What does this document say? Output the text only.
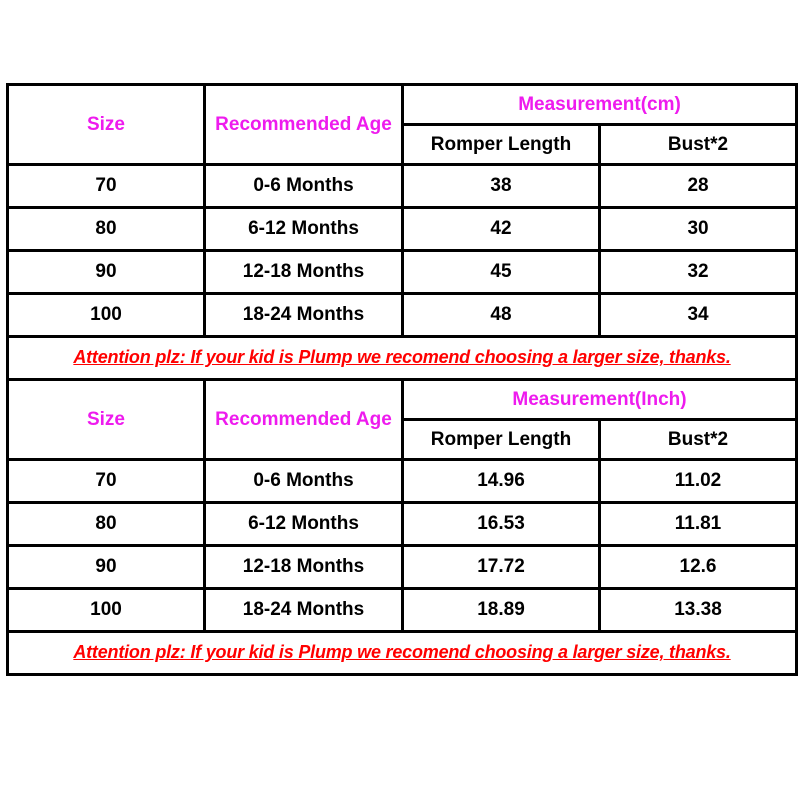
Size	Recommended Age	Measurement(cm)	
		Romper Length	Bust*2
70	0-6 Months	38	28
80	6-12 Months	42	30
90	12-18 Months	45	32
100	18-24 Months	48	34
Attention plz: If your kid is Plump we recomend choosing a larger size, thanks.			
Size	Recommended Age	Measurement(Inch)	
		Romper Length	Bust*2
70	0-6 Months	14.96	11.02
80	6-12 Months	16.53	11.81
90	12-18 Months	17.72	12.6
100	18-24 Months	18.89	13.38
Attention plz: If your kid is Plump we recomend choosing a larger size, thanks.			
